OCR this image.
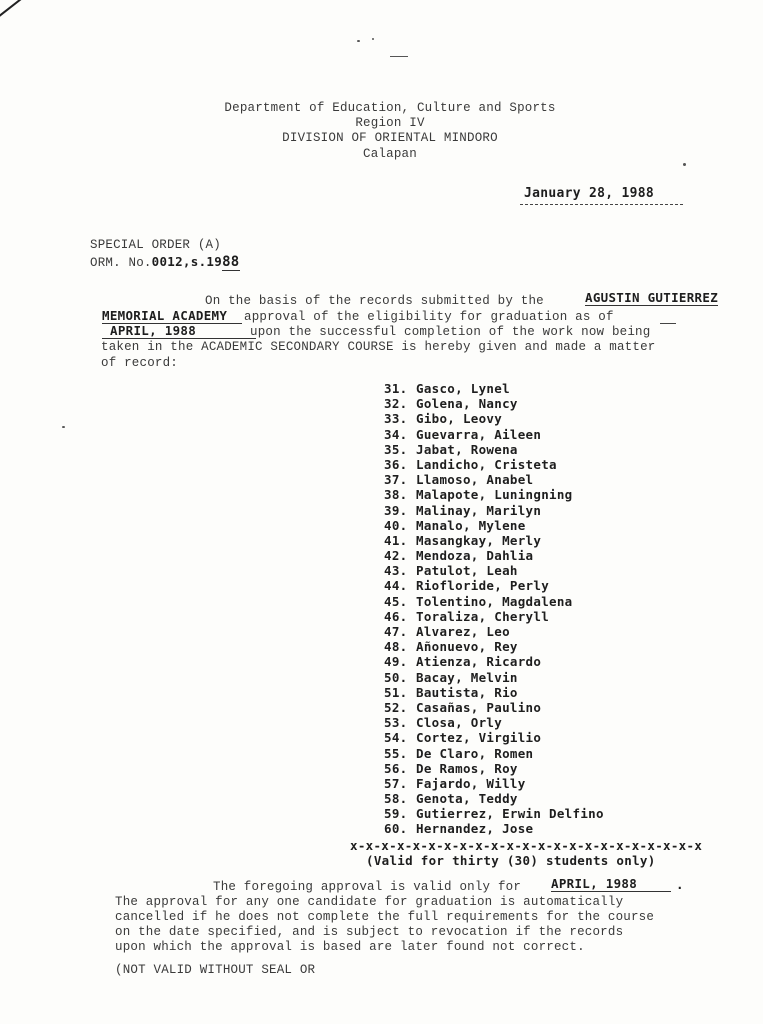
Department of Education, Culture and Sports
Region IV
DIVISION OF ORIENTAL MINDORO
Calapan
January 28, 1988
SPECIAL ORDER (A)
ORM. No.0012,s.1988
On the basis of the records submitted by the	AGUSTIN GUTIERREZ
MEMORIAL ACADEMY	approval of the eligibility for graduation as of
APRIL, 1988	upon the successful completion of the work now being
taken in the ACADEMIC SECONDARY COURSE is hereby given and made a matter
of record:
31. Gasco, Lynel
32. Golena, Nancy
33. Gibo, Leovy
34. Guevarra, Aileen
35. Jabat, Rowena
36. Landicho, Cristeta
37. Llamoso, Anabel
38. Malapote, Luningning
39. Malinay, Marilyn
40. Manalo, Mylene
41. Masangkay, Merly
42. Mendoza, Dahlia
43. Patulot, Leah
44. Riofloride, Perly
45. Tolentino, Magdalena
46. Toraliza, Cheryll
47. Alvarez, Leo
48. Añonuevo, Rey
49. Atienza, Ricardo
50. Bacay, Melvin
51. Bautista, Rio
52. Casañas, Paulino
53. Closa, Orly
54. Cortez, Virgilio
55. De Claro, Romen
56. De Ramos, Roy
57. Fajardo, Willy
58. Genota, Teddy
59. Gutierrez, Erwin Delfino
60. Hernandez, Jose
x-x-x-x-x-x-x-x-x-x-x-x-x-x-x-x-x-x-x-x-x-x-x
(Valid for thirty (30) students only)
The foregoing approval is valid only for APRIL, 1988	.
The approval for any one candidate for graduation is automatically
cancelled if he does not complete the full requirements for the course
on the date specified, and is subject to revocation if the records
upon which the approval is based are later found not correct.
(NOT VALID WITHOUT SEAL OR
